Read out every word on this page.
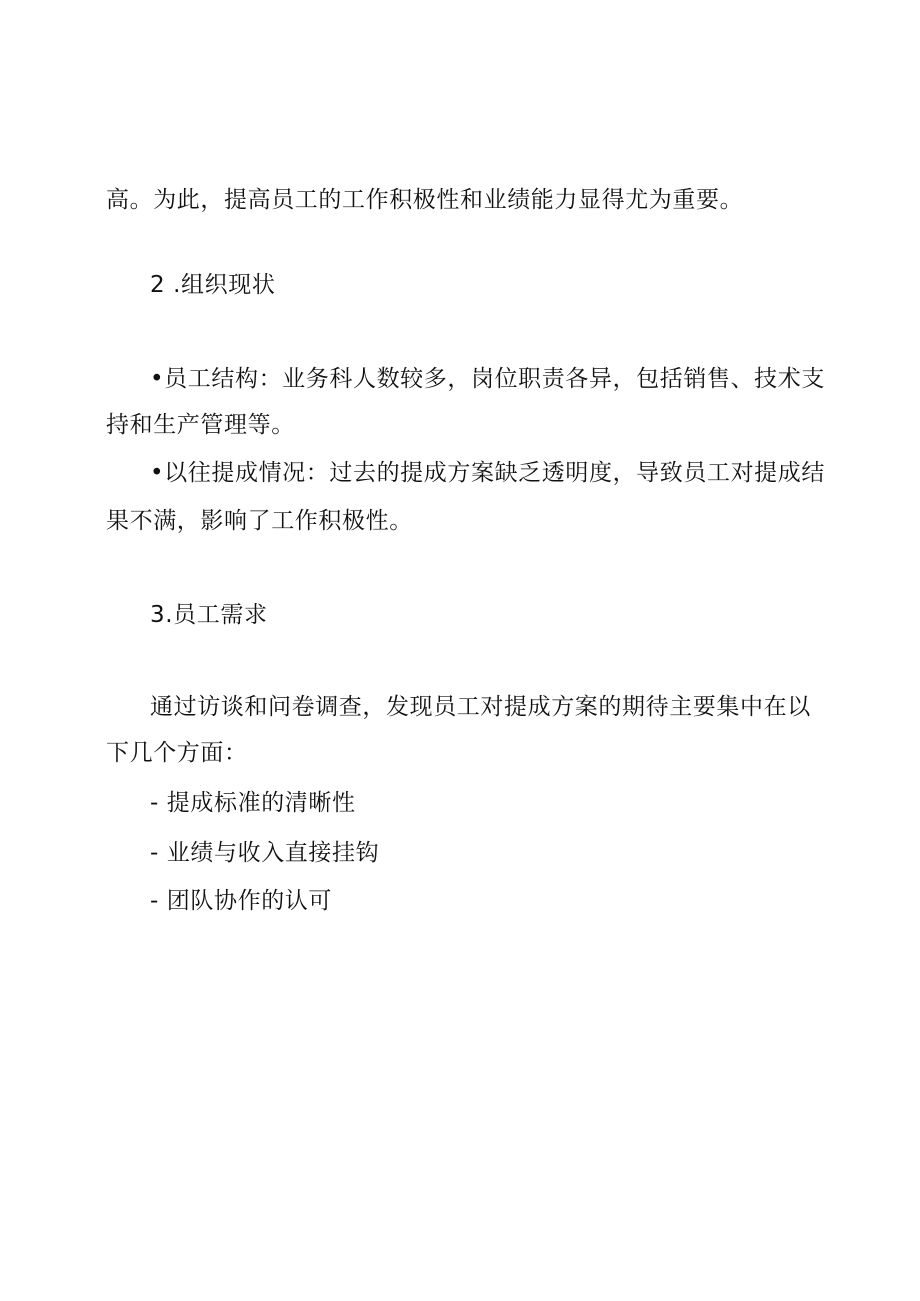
高。为此，提高员工的工作积极性和业绩能力显得尤为重要。
2 .组织现状
•员工结构：业务科人数较多，岗位职责各异，包括销售、技术支
持和生产管理等。
•以往提成情况：过去的提成方案缺乏透明度，导致员工对提成结
果不满，影响了工作积极性。
3.员工需求
通过访谈和问卷调查，发现员工对提成方案的期待主要集中在以
下几个方面：
- 提成标准的清晰性
- 业绩与收入直接挂钩
- 团队协作的认可
